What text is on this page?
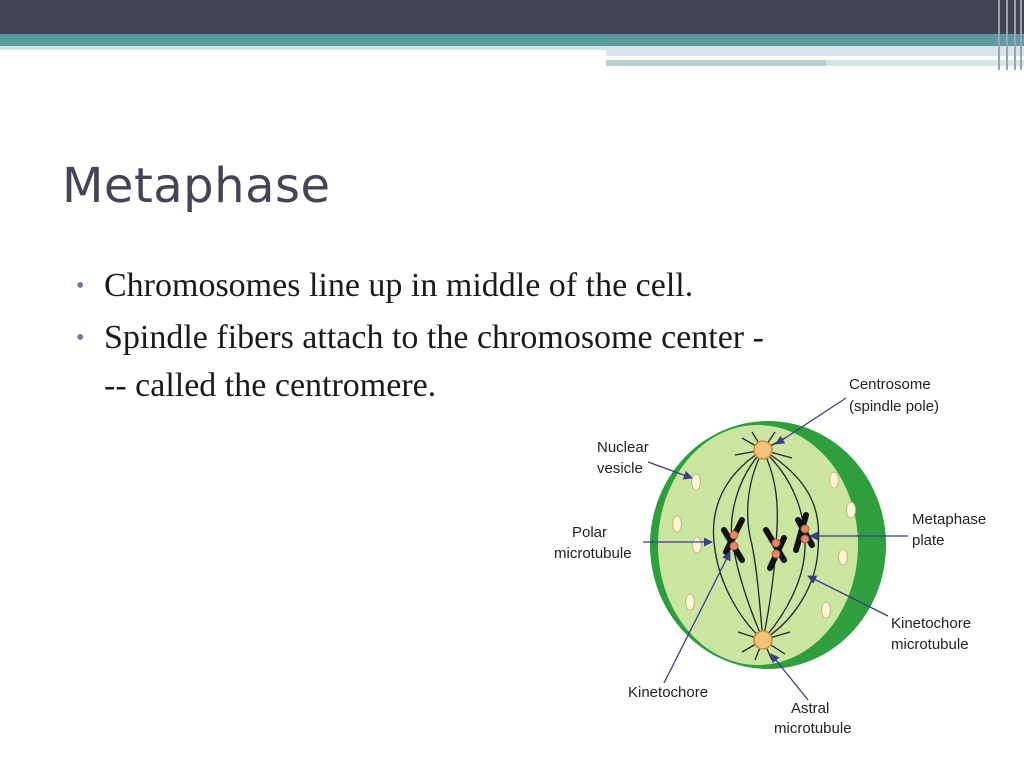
Metaphase
• Chromosomes line up in middle of the cell.
• Spindle fibers attach to the chromosome center -
-- called the centromere.	Centrosome
(spindle pole)
Nuclear
vesicle
Polar
microtubule
Metaphase
plate
Kinetochore
microtubule
Kinetochore
Astral
microtubule
